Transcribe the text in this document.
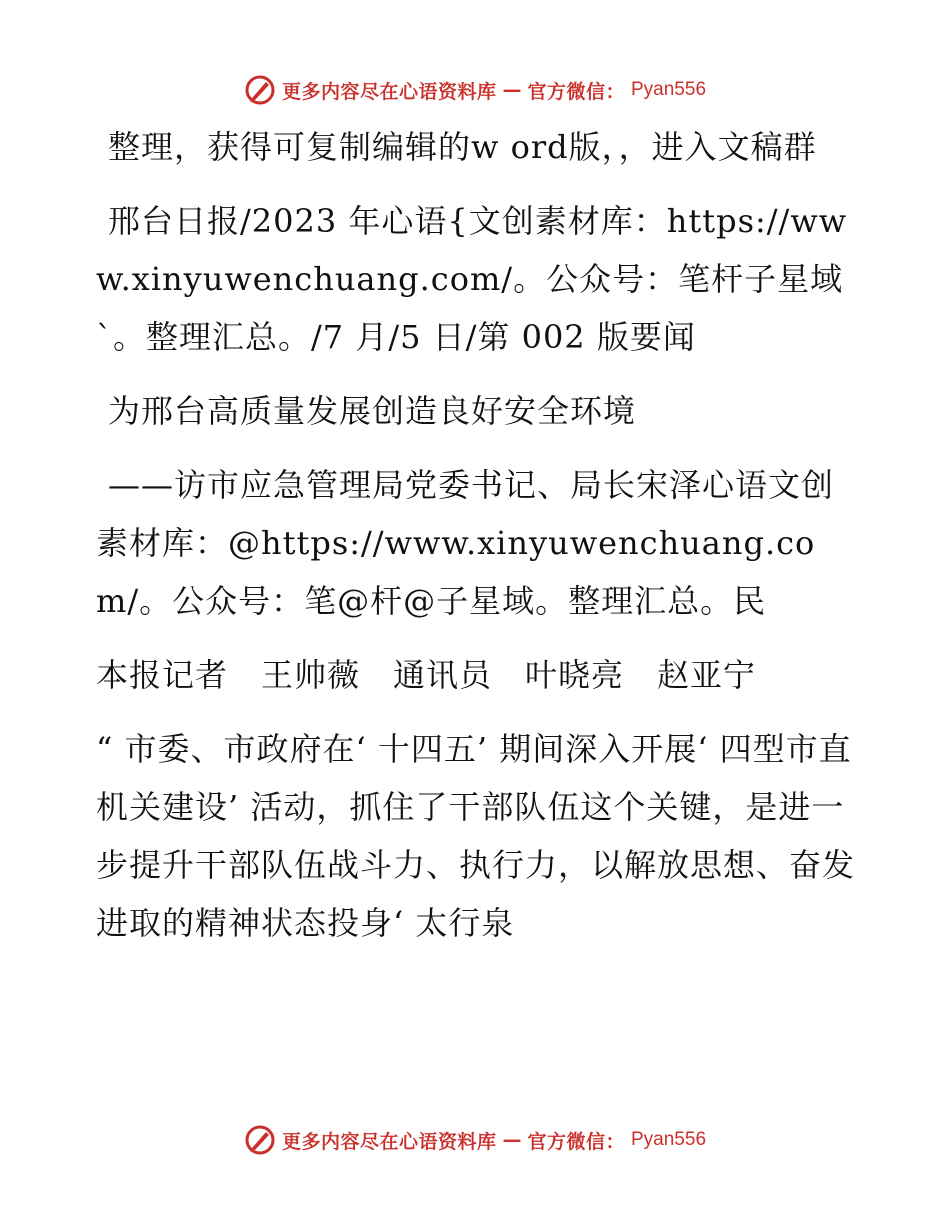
更多内容尽在心语资料库 — 官方微信： Pyan556

整理，获得可复制编辑的w ord版，，进入文稿群

邢台日报/2023 年心语{文创素材库：https://www.xinyuwenchuang.com/。公众号：笔杆子星域`。整理汇总。/7 月/5 日/第 002 版要闻

为邢台高质量发展创造良好安全环境

——访市应急管理局党委书记、局长宋泽心语文创素材库：@https://www.xinyuwenchuang.com/。公众号：笔@杆@子星域。整理汇总。民

本报记者　王帅薇　通讯员　叶晓亮　赵亚宁

“ 市委、市政府在‘ 十四五’ 期间深入开展‘ 四型市直机关建设’ 活动，抓住了干部队伍这个关键，是进一步提升干部队伍战斗力、执行力，以解放思想、奋发进取的精神状态投身‘ 太行泉

更多内容尽在心语资料库 — 官方微信： Pyan556
